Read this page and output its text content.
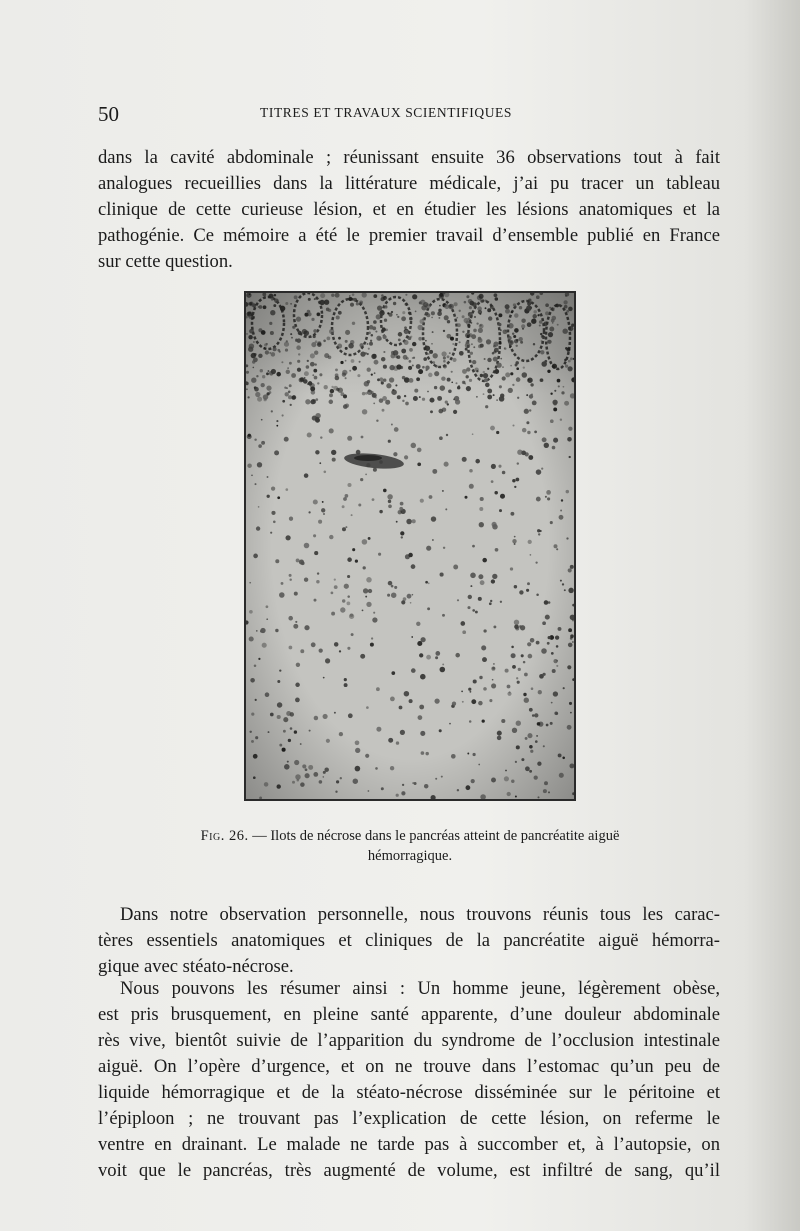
50	TITRES ET TRAVAUX SCIENTIFIQUES
dans la cavité abdominale ; réunissant ensuite 36 observations tout à fait
analogues recueillies dans la littérature médicale, j’ai pu tracer un tableau
clinique de cette curieuse lésion, et en étudier les lésions anatomiques et la
pathogénie. Ce mémoire a été le premier travail d’ensemble publié en France
sur cette question.
Fig. 26. — Ilots de nécrose dans le pancréas atteint de pancréatite aiguë
hémorragique.
Dans notre observation personnelle, nous trouvons réunis tous les carac-
tères essentiels anatomiques et cliniques de la pancréatite aiguë hémorra-
gique avec stéato-nécrose.
Nous pouvons les résumer ainsi : Un homme jeune, légèrement obèse,
est pris brusquement, en pleine santé apparente, d’une douleur abdominale
rès vive, bientôt suivie de l’apparition du syndrome de l’occlusion intestinale
aiguë. On l’opère d’urgence, et on ne trouve dans l’estomac qu’un peu de
liquide hémorragique et de la stéato-nécrose disséminée sur le péritoine et
l’épiploon ; ne trouvant pas l’explication de cette lésion, on referme le
ventre en drainant. Le malade ne tarde pas à succomber et, à l’autopsie, on
voit que le pancréas, très augmenté de volume, est infiltré de sang, qu’il
